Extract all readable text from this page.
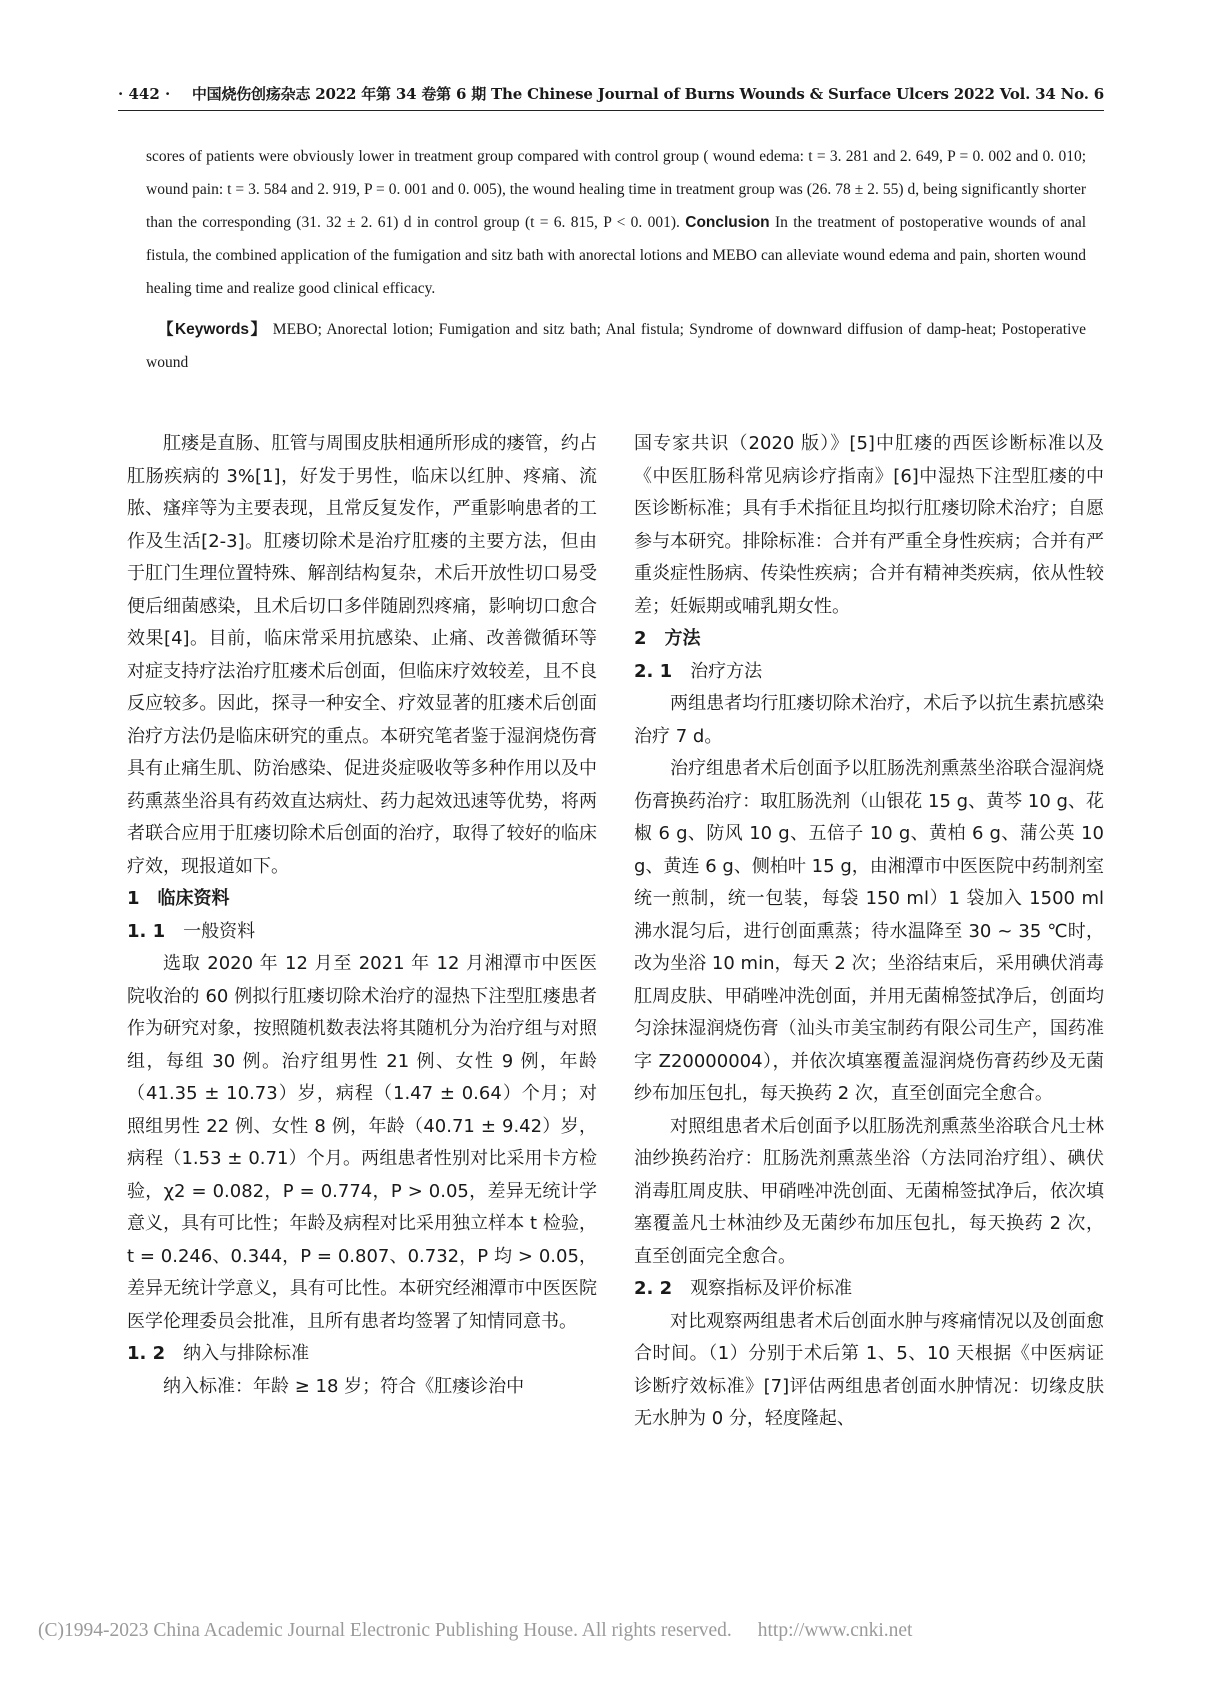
· 442 · 中国烧伤创疡杂志 2022 年第 34 卷第 6 期 The Chinese Journal of Burns Wounds & Surface Ulcers 2022 Vol. 34 No. 6

scores of patients were obviously lower in treatment group compared with control group ( wound edema: t = 3. 281 and 2. 649, P = 0. 002 and 0. 010; wound pain: t = 3. 584 and 2. 919, P = 0. 001 and 0. 005), the wound healing time in treatment group was (26. 78 ± 2. 55) d, being significantly shorter than the corresponding (31. 32 ± 2. 61) d in control group (t = 6. 815, P < 0. 001). Conclusion In the treatment of postoperative wounds of anal fistula, the combined application of the fumigation and sitz bath with anorectal lotions and MEBO can alleviate wound edema and pain, shorten wound healing time and realize good clinical efficacy.

【Keywords】 MEBO; Anorectal lotion; Fumigation and sitz bath; Anal fistula; Syndrome of downward diffusion of damp-heat; Postoperative wound

肛瘘是直肠、肛管与周围皮肤相通所形成的瘘管，约占肛肠疾病的 3%[1]，好发于男性，临床以红肿、疼痛、流脓、瘙痒等为主要表现，且常反复发作，严重影响患者的工作及生活[2-3]。肛瘘切除术是治疗肛瘘的主要方法，但由于肛门生理位置特殊、解剖结构复杂，术后开放性切口易受便后细菌感染，且术后切口多伴随剧烈疼痛，影响切口愈合效果[4]。目前，临床常采用抗感染、止痛、改善微循环等对症支持疗法治疗肛瘘术后创面，但临床疗效较差，且不良反应较多。因此，探寻一种安全、疗效显著的肛瘘术后创面治疗方法仍是临床研究的重点。本研究笔者鉴于湿润烧伤膏具有止痛生肌、防治感染、促进炎症吸收等多种作用以及中药熏蒸坐浴具有药效直达病灶、药力起效迅速等优势，将两者联合应用于肛瘘切除术后创面的治疗，取得了较好的临床疗效，现报道如下。

1 临床资料
1. 1 一般资料

选取 2020 年 12 月至 2021 年 12 月湘潭市中医医院收治的 60 例拟行肛瘘切除术治疗的湿热下注型肛瘘患者作为研究对象，按照随机数表法将其随机分为治疗组与对照组，每组 30 例。治疗组男性 21 例、女性 9 例，年龄（41.35 ± 10.73）岁，病程（1.47 ± 0.64）个月；对照组男性 22 例、女性 8 例，年龄（40.71 ± 9.42）岁，病程（1.53 ± 0.71）个月。两组患者性别对比采用卡方检验，χ2 = 0.082，P = 0.774，P > 0.05，差异无统计学意义，具有可比性；年龄及病程对比采用独立样本 t 检验，t = 0.246、0.344，P = 0.807、0.732，P 均 > 0.05，差异无统计学意义，具有可比性。本研究经湘潭市中医医院医学伦理委员会批准，且所有患者均签署了知情同意书。

1. 2 纳入与排除标准

纳入标准：年龄 ≥ 18 岁；符合《肛瘘诊治中

国专家共识（2020 版）》[5]中肛瘘的西医诊断标准以及《中医肛肠科常见病诊疗指南》[6]中湿热下注型肛瘘的中医诊断标准；具有手术指征且均拟行肛瘘切除术治疗；自愿参与本研究。排除标准：合并有严重全身性疾病；合并有严重炎症性肠病、传染性疾病；合并有精神类疾病，依从性较差；妊娠期或哺乳期女性。

2 方法
2. 1 治疗方法

两组患者均行肛瘘切除术治疗，术后予以抗生素抗感染治疗 7 d。

治疗组患者术后创面予以肛肠洗剂熏蒸坐浴联合湿润烧伤膏换药治疗：取肛肠洗剂（山银花 15 g、黄芩 10 g、花椒 6 g、防风 10 g、五倍子 10 g、黄柏 6 g、蒲公英 10 g、黄连 6 g、侧柏叶 15 g，由湘潭市中医医院中药制剂室统一煎制，统一包装，每袋 150 ml）1 袋加入 1500 ml 沸水混匀后，进行创面熏蒸；待水温降至 30 ~ 35 ℃时，改为坐浴 10 min，每天 2 次；坐浴结束后，采用碘伏消毒肛周皮肤、甲硝唑冲洗创面，并用无菌棉签拭净后，创面均匀涂抹湿润烧伤膏（汕头市美宝制药有限公司生产，国药准字 Z20000004），并依次填塞覆盖湿润烧伤膏药纱及无菌纱布加压包扎，每天换药 2 次，直至创面完全愈合。

对照组患者术后创面予以肛肠洗剂熏蒸坐浴联合凡士林油纱换药治疗：肛肠洗剂熏蒸坐浴（方法同治疗组）、碘伏消毒肛周皮肤、甲硝唑冲洗创面、无菌棉签拭净后，依次填塞覆盖凡士林油纱及无菌纱布加压包扎，每天换药 2 次，直至创面完全愈合。

2. 2 观察指标及评价标准

对比观察两组患者术后创面水肿与疼痛情况以及创面愈合时间。（1）分别于术后第 1、5、10 天根据《中医病证诊断疗效标准》[7]评估两组患者创面水肿情况：切缘皮肤无水肿为 0 分，轻度隆起、

(C)1994-2023 China Academic Journal Electronic Publishing House. All rights reserved. http://www.cnki.net
